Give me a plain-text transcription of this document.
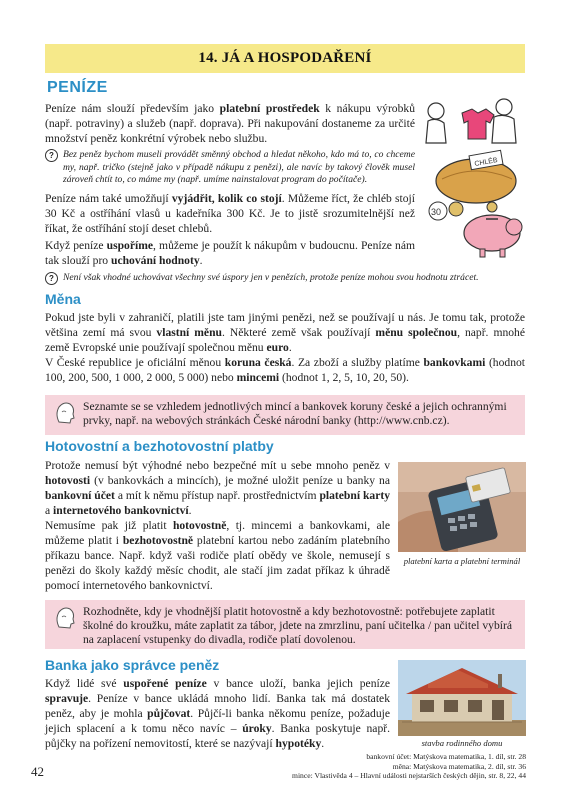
14. JÁ A HOSPODAŘENÍ
PENÍZE

Peníze nám slouží především jako platební prostředek k nákupu výrobků (např. potraviny) a služeb (např. doprava). Při nakupování dostaneme za určité množství peněz konkrétní výrobek nebo službu.

? Bez peněz bychom museli provádět směnný obchod a hledat někoho, kdo má to, co chceme my, např. tričko (stejně jako v případě nákupu z penězi), ale navíc by takový člověk musel zároveň chtít to, co máme my (např. umíme nainstalovat program do počítače).

Peníze nám také umožňují vyjádřit, kolik co stojí. Můžeme říct, že chléb stojí 30 Kč a ostříhání vlasů u kadeřníka 300 Kč. Je to jistě srozumitelnější než říkat, že ostříhání stojí deset chlebů.

Když peníze uspoříme, můžeme je použít k nákupům v budoucnu. Peníze nám tak slouží pro uchování hodnoty.

? Není však vhodné uchovávat všechny své úspory jen v penězích, protože peníze mohou svou hodnotu ztrácet.
CHLÉB
30
Měna

Pokud jste byli v zahraničí, platili jste tam jinými penězi, než se používají u nás. Je tomu tak, protože většina zemí má svou vlastní měnu. Některé země však používají měnu společnou, např. mnohé země Evropské unie používají společnou měnu euro.

V České republice je oficiální měnou koruna česká. Za zboží a služby platíme bankovkami (hodnot 100, 200, 500, 1 000, 2 000, 5 000) nebo mincemi (hodnot 1, 2, 5, 10, 20, 50).

Seznamte se se vzhledem jednotlivých mincí a bankovek koruny české a jejich ochrannými prvky, např. na webových stránkách České národní banky (http://www.cnb.cz).
Hotovostní a bezhotovostní platby

Protože nemusí být výhodné nebo bezpečné mít u sebe mnoho peněz v hotovosti (v bankovkách a mincích), je možné uložit peníze u banky na bankovní účet a mít k němu přístup např. prostřednictvím platební karty a internetového bankovnictví.

Nemusíme pak již platit hotovostně, tj. mincemi a bankovkami, ale můžeme platit i bezhotovostně platební kartou nebo zadáním platebního příkazu bance. Např. když vaši rodiče platí obědy ve škole, nemusejí s penězi do školy každý měsíc chodit, ale stačí jim zadat příkaz k úhradě pomocí internetového bankovnictví.

platební karta a platební terminál
Rozhodněte, kdy je vhodnější platit hotovostně a kdy bezhotovostně: potřebujete zaplatit školné do kroužku, máte zaplatit za tábor, jdete na zmrzlinu, paní učitelka / pan učitel vybírá na zaplacení vstupenky do divadla, rodiče platí dovolenou.
Banka jako správce peněz

Když lidé své uspořené peníze v bance uloží, banka jejich peníze spravuje. Peníze v bance ukládá mnoho lidí. Banka tak má dostatek peněz, aby je mohla půjčovat. Půjčí-li banka někomu peníze, požaduje jejich splacení a k tomu něco navíc – úroky. Banka poskytuje např. půjčky na pořízení nemovitostí, které se nazývají hypotéky.	stavba rodinného domu
42
bankovní účet: Matýskova matematika, 1. díl, str. 28
měna: Matýskova matematika, 2. díl, str. 36
mince: Vlastivěda 4 – Hlavní události nejstarších českých dějin, str. 8, 22, 44
